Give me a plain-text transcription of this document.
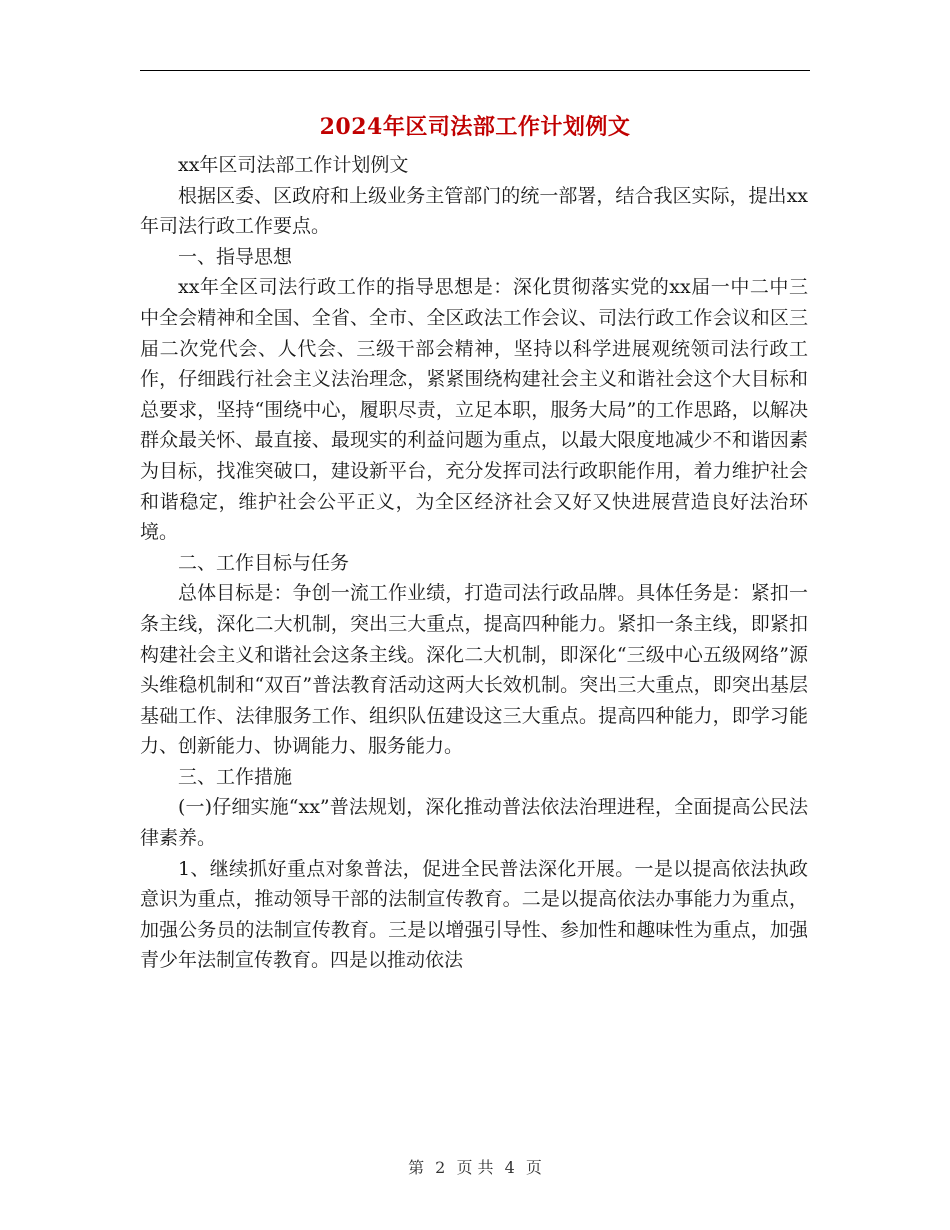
2024年区司法部工作计划例文

xx年区司法部工作计划例文

根据区委、区政府和上级业务主管部门的统一部署，结合我区实际，提出xx年司法行政工作要点。

一、指导思想

xx年全区司法行政工作的指导思想是：深化贯彻落实党的xx届一中二中三中全会精神和全国、全省、全市、全区政法工作会议、司法行政工作会议和区三届二次党代会、人代会、三级干部会精神，坚持以科学进展观统领司法行政工作，仔细践行社会主义法治理念，紧紧围绕构建社会主义和谐社会这个大目标和总要求，坚持“围绕中心，履职尽责，立足本职，服务大局”的工作思路，以解决群众最关怀、最直接、最现实的利益问题为重点，以最大限度地减少不和谐因素为目标，找准突破口，建设新平台，充分发挥司法行政职能作用，着力维护社会和谐稳定，维护社会公平正义，为全区经济社会又好又快进展营造良好法治环境。

二、工作目标与任务

总体目标是：争创一流工作业绩，打造司法行政品牌。具体任务是：紧扣一条主线，深化二大机制，突出三大重点，提高四种能力。紧扣一条主线，即紧扣构建社会主义和谐社会这条主线。深化二大机制，即深化“三级中心五级网络”源头维稳机制和“双百”普法教育活动这两大长效机制。突出三大重点，即突出基层基础工作、法律服务工作、组织队伍建设这三大重点。提高四种能力，即学习能力、创新能力、协调能力、服务能力。

三、工作措施

(一)仔细实施“xx”普法规划，深化推动普法依法治理进程，全面提高公民法律素养。

1、继续抓好重点对象普法，促进全民普法深化开展。一是以提高依法执政意识为重点，推动领导干部的法制宣传教育。二是以提高依法办事能力为重点，加强公务员的法制宣传教育。三是以增强引导性、参加性和趣味性为重点，加强青少年法制宣传教育。四是以推动依法

第 2 页 共 4 页
